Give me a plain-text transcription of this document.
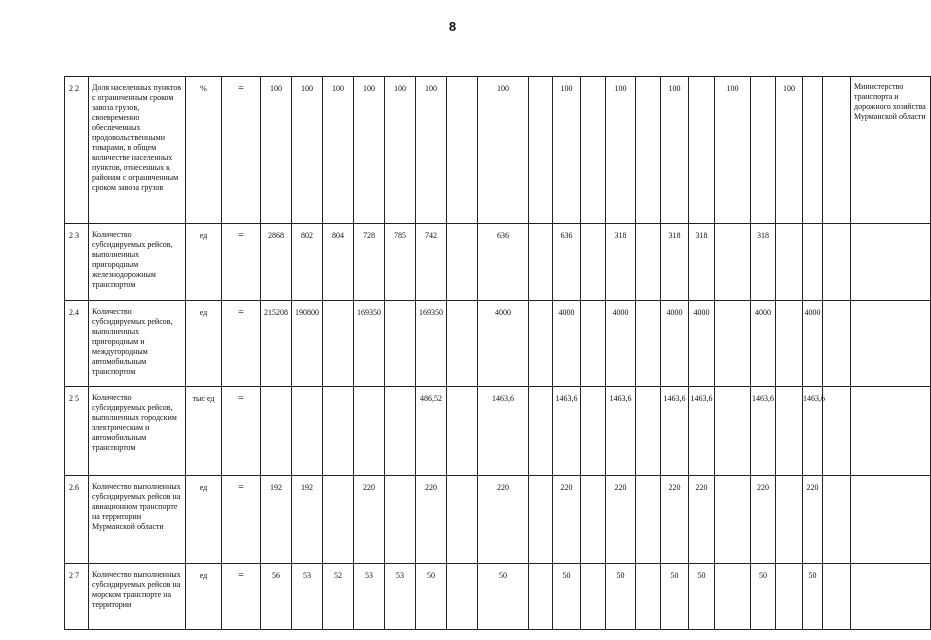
8
2 2	Доля населенных пунктов с ограниченным сроком завоза грузов, своевременно обеспеченных продовольственными товарами, в общем количестве населенных пунктов, отнесенных к районам с ограниченным сроком завоза грузов	%	=	100	100	100	100	100	100		100		100		100		100		100		100			Министерство транспорта и дорожного хозяйства Мурманской области
2 3	Количество субсидируемых рейсов, выполненных пригородным железнодорожным транспортом	ед	=	2868	802	804	728	785	742		636		636		318		318	318		318				
2.4	Количество субсидируемых рейсов, выполненных пригородным и междугородным автомобильным транспортом	ед	=	215208	190800		169350		169350		4000		4000		4000		4000	4000		4000		4000		
2 5	Количество субсидируемых рейсов, выполненных городским электрическим и автомобильным транспортом	тыс ед	=						486,52		1463,6		1463,6		1463,6		1463,6	1463,6		1463,6		1463,6		
2.6	Количество выполненных субсидируемых рейсов на авиационном транспорте на территории Мурманской области	ед	=	192	192		220		220		220		220		220		220	220		220		220		
2 7	Количество выполненных субсидируемых рейсов на морском транспорте на территории	ед	=	56	53	52	53	53	50		50		50		50		50	50		50		50		
